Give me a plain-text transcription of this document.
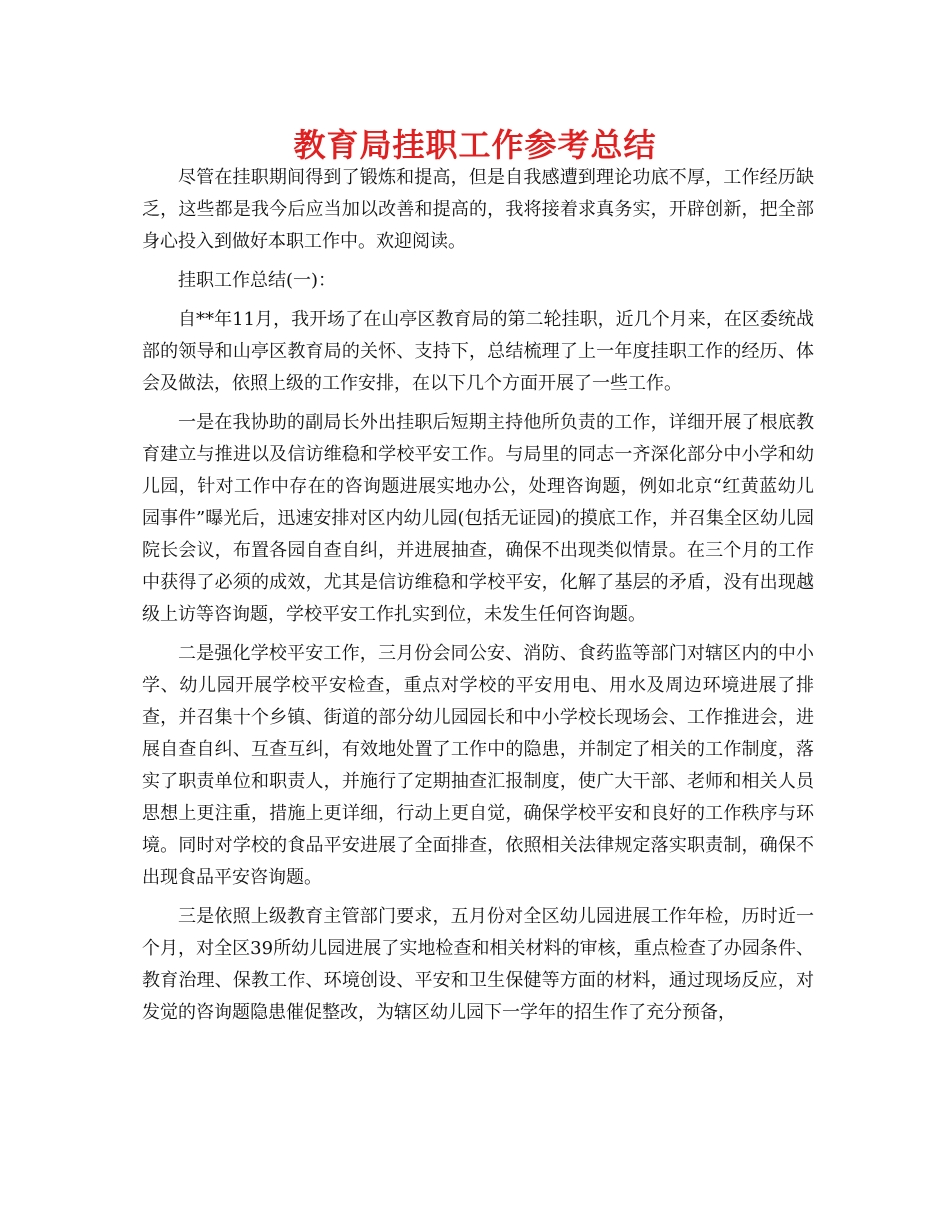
教育局挂职工作参考总结

尽管在挂职期间得到了锻炼和提高，但是自我感遭到理论功底不厚，工作经历缺乏，这些都是我今后应当加以改善和提高的，我将接着求真务实，开辟创新，把全部身心投入到做好本职工作中。欢迎阅读。

挂职工作总结(一)：

自**年11月，我开场了在山亭区教育局的第二轮挂职，近几个月来，在区委统战部的领导和山亭区教育局的关怀、支持下，总结梳理了上一年度挂职工作的经历、体会及做法，依照上级的工作安排，在以下几个方面开展了一些工作。

一是在我协助的副局长外出挂职后短期主持他所负责的工作，详细开展了根底教育建立与推进以及信访维稳和学校平安工作。与局里的同志一齐深化部分中小学和幼儿园，针对工作中存在的咨询题进展实地办公，处理咨询题，例如北京“红黄蓝幼儿园事件”曝光后，迅速安排对区内幼儿园(包括无证园)的摸底工作，并召集全区幼儿园院长会议，布置各园自查自纠，并进展抽查，确保不出现类似情景。在三个月的工作中获得了必须的成效，尤其是信访维稳和学校平安，化解了基层的矛盾，没有出现越级上访等咨询题，学校平安工作扎实到位，未发生任何咨询题。

二是强化学校平安工作，三月份会同公安、消防、食药监等部门对辖区内的中小学、幼儿园开展学校平安检查，重点对学校的平安用电、用水及周边环境进展了排查，并召集十个乡镇、街道的部分幼儿园园长和中小学校长现场会、工作推进会，进展自查自纠、互查互纠，有效地处置了工作中的隐患，并制定了相关的工作制度，落实了职责单位和职责人，并施行了定期抽查汇报制度，使广大干部、老师和相关人员思想上更注重，措施上更详细，行动上更自觉，确保学校平安和良好的工作秩序与环境。同时对学校的食品平安进展了全面排查，依照相关法律规定落实职责制，确保不出现食品平安咨询题。

三是依照上级教育主管部门要求，五月份对全区幼儿园进展工作年检，历时近一个月，对全区39所幼儿园进展了实地检查和相关材料的审核，重点检查了办园条件、教育治理、保教工作、环境创设、平安和卫生保健等方面的材料，通过现场反应，对发觉的咨询题隐患催促整改，为辖区幼儿园下一学年的招生作了充分预备，
